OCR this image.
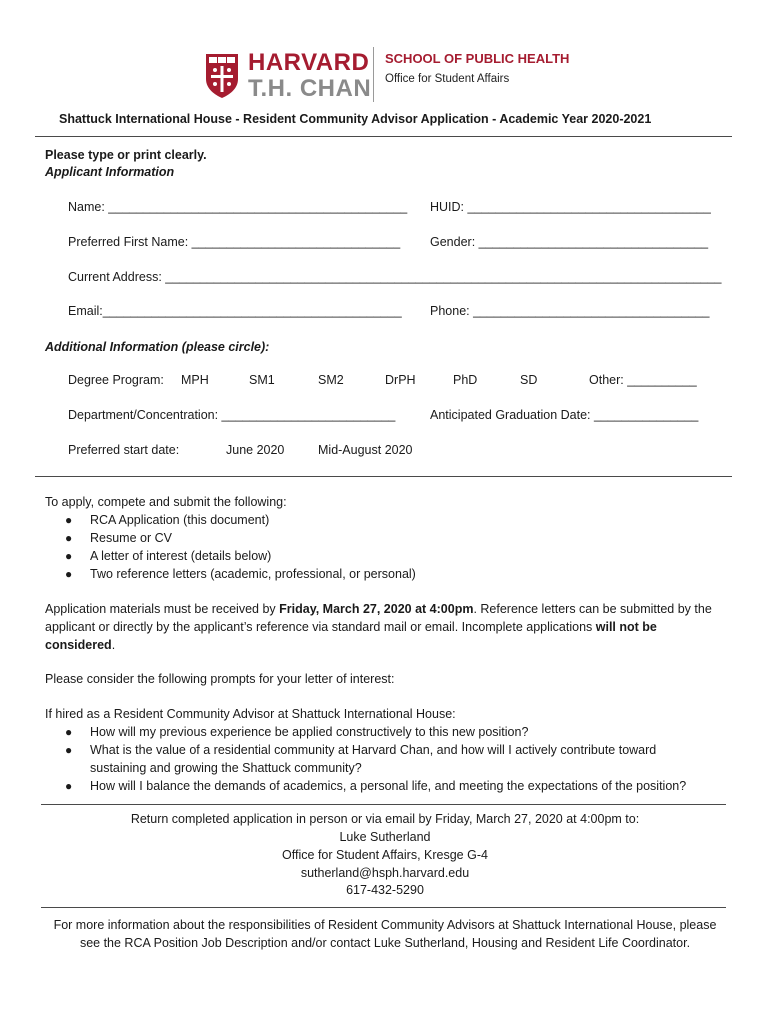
HARVARD
T.H. CHAN
SCHOOL OF PUBLIC HEALTH
Office for Student Affairs
Shattuck International House - Resident Community Advisor Application - Academic Year 2020-2021
Please type or print clearly.
Applicant Information
Name: ___________________________________________ HUID: ___________________________________
Preferred First Name: ______________________________ Gender: _________________________________
Current Address: ________________________________________________________________________________
Email:___________________________________________ Phone: __________________________________
Additional Information (please circle):
Degree Program: MPH	SM1	SM2	DrPH	PhD	SD	Other: __________
Department/Concentration: _________________________	Anticipated Graduation Date: _______________
Preferred start date:	June 2020	Mid-August 2020
To apply, compete and submit the following:
● RCA Application (this document)
● Resume or CV
● A letter of interest (details below)
● Two reference letters (academic, professional, or personal)
Application materials must be received by Friday, March 27, 2020 at 4:00pm. Reference letters can be submitted by the
applicant or directly by the applicant’s reference via standard mail or email. Incomplete applications will not be
considered.
Please consider the following prompts for your letter of interest:
If hired as a Resident Community Advisor at Shattuck International House:
● How will my previous experience be applied constructively to this new position?
● What is the value of a residential community at Harvard Chan, and how will I actively contribute toward
sustaining and growing the Shattuck community?
● How will I balance the demands of academics, a personal life, and meeting the expectations of the position?
Return completed application in person or via email by Friday, March 27, 2020 at 4:00pm to:
Luke Sutherland
Office for Student Affairs, Kresge G-4
sutherland@hsph.harvard.edu
617-432-5290
For more information about the responsibilities of Resident Community Advisors at Shattuck International House, please
see the RCA Position Job Description and/or contact Luke Sutherland, Housing and Resident Life Coordinator.
